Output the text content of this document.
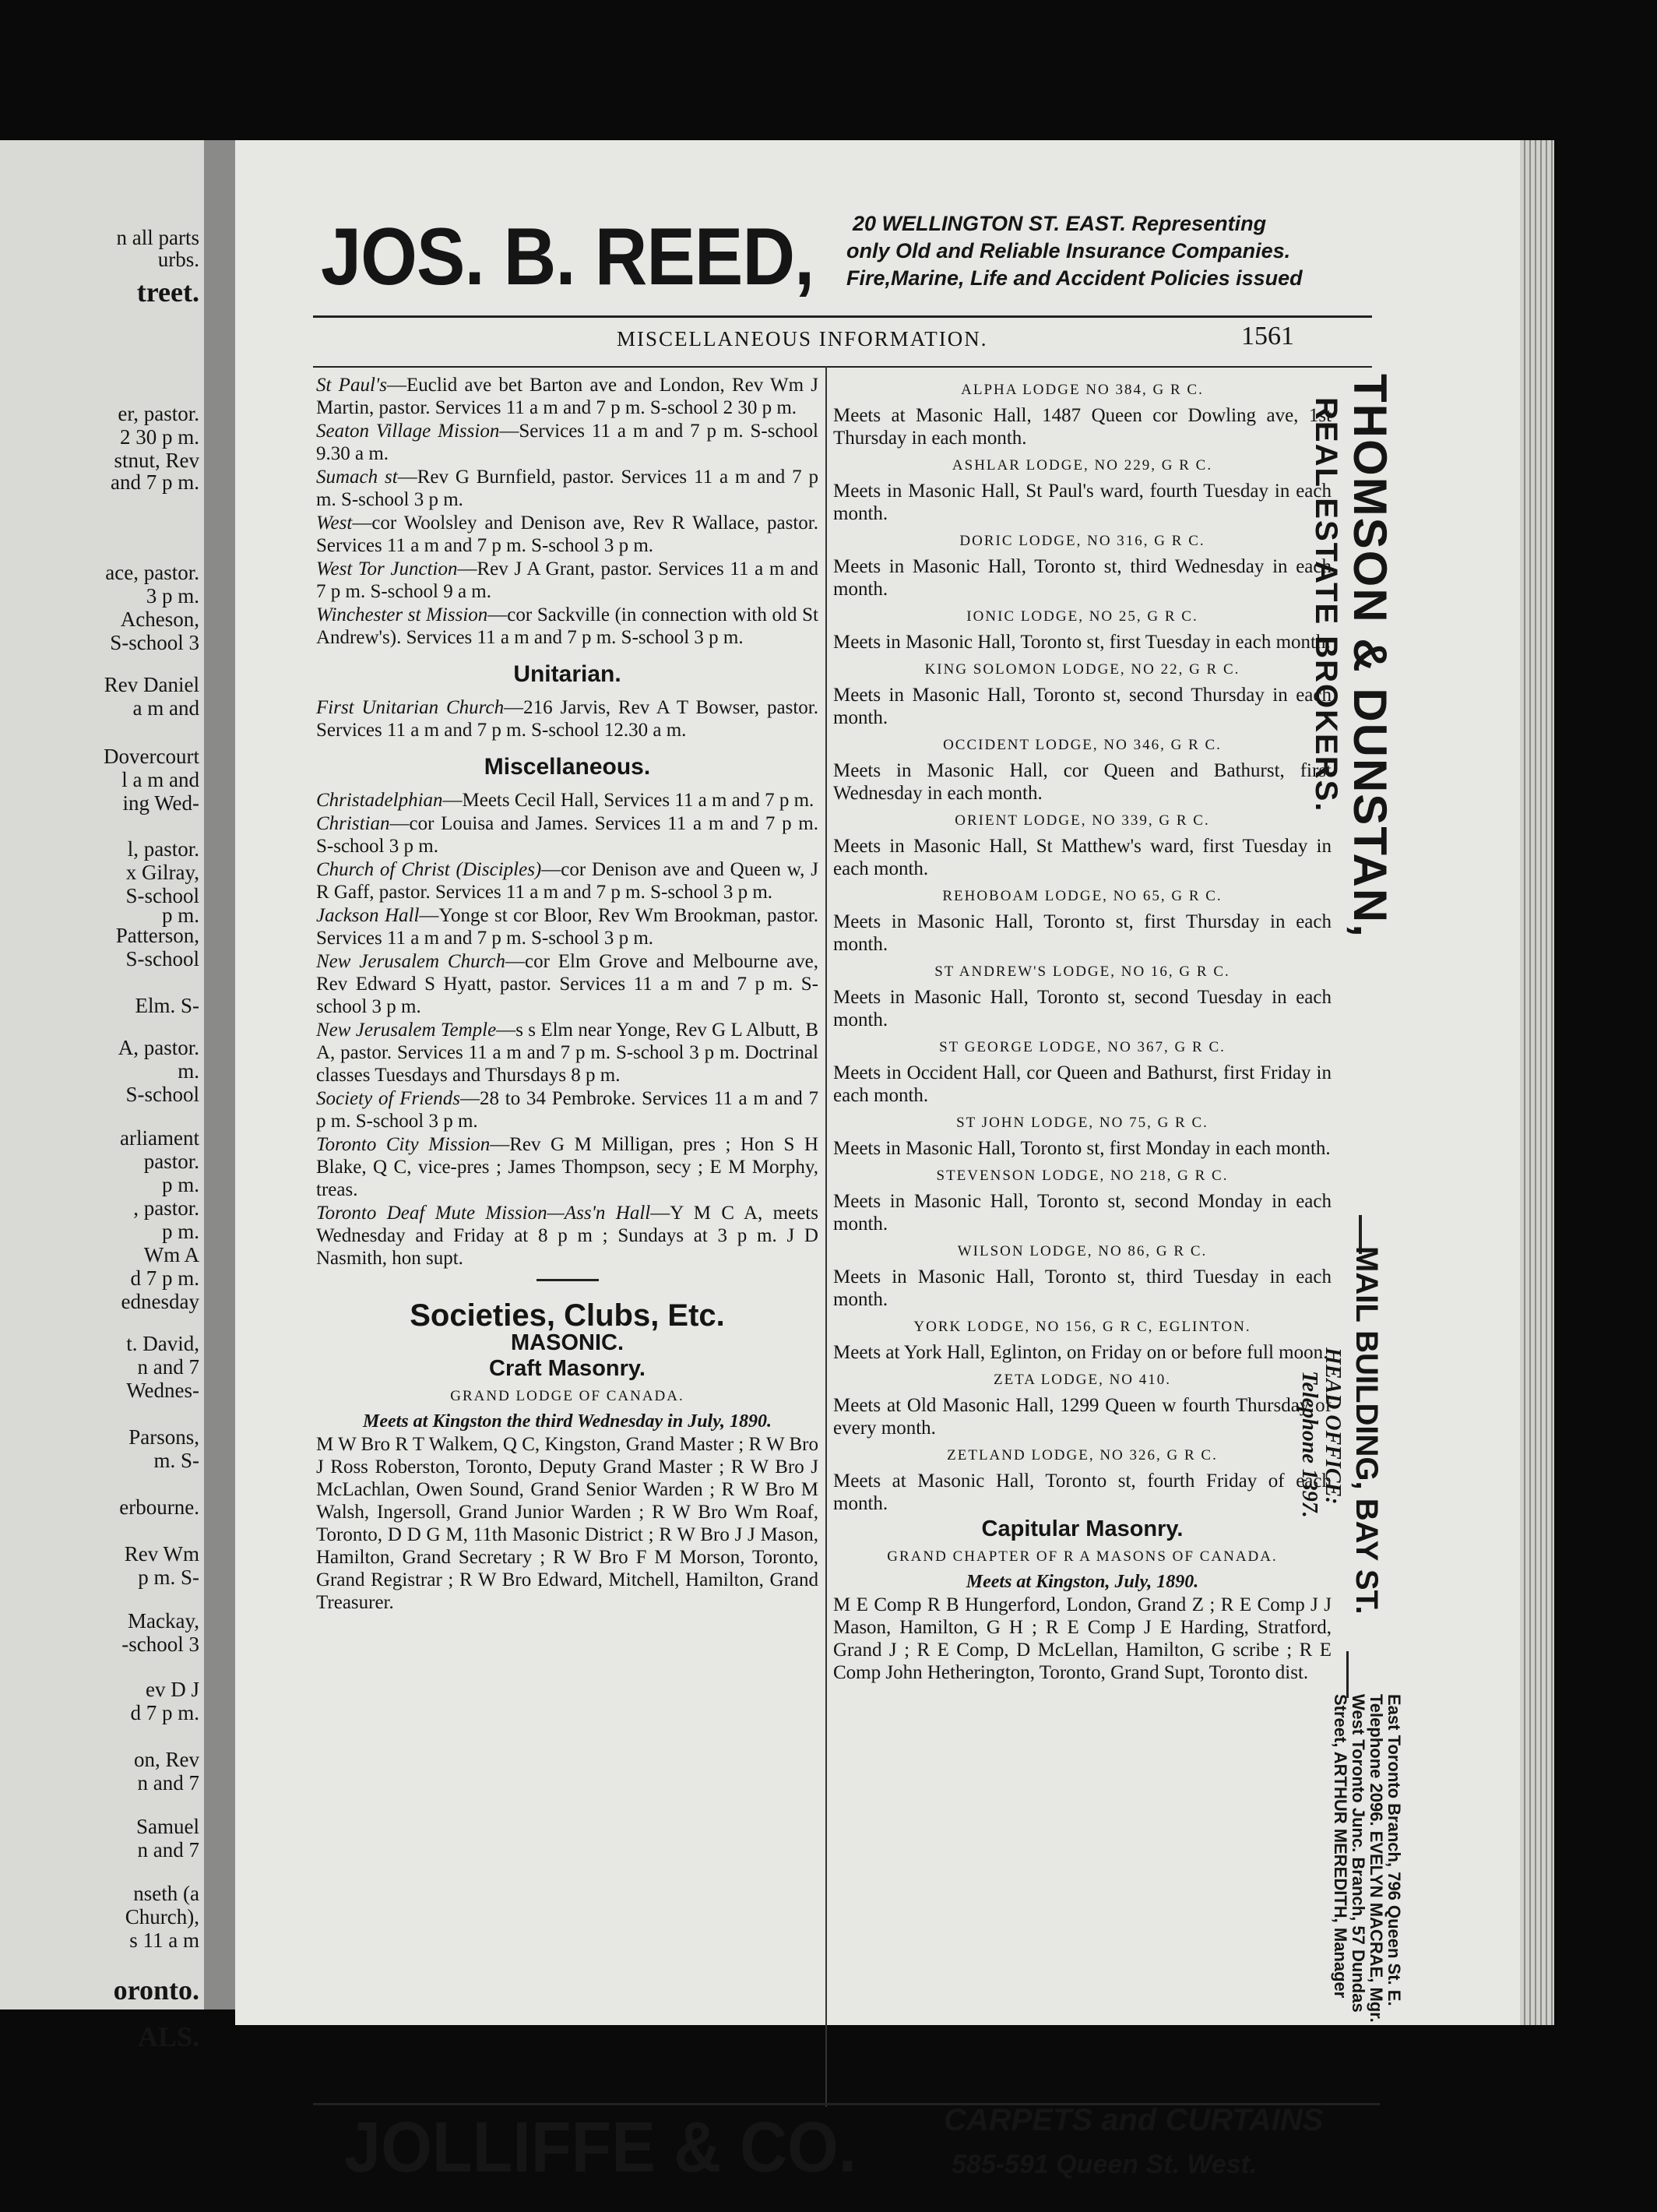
n all parts
urbs.
treet.
er, pastor.
2 30 p m.
stnut, Rev
and 7 p m.
ace, pastor.
3 p m.
Acheson,
S-school 3
Rev Daniel
a m and
Dovercourt
l a m and
ing Wed-
l, pastor.
x Gilray,
S-school
p m.
Patterson,
S-school
Elm. S-
A, pastor.
m.
S-school
arliament
pastor.
p m.
, pastor.
p m.
Wm A
d 7 p m.
ednesday
t. David,
n and 7
Wednes-
Parsons,
m. S-
erbourne.
Rev Wm
p m. S-
Mackay,
-school 3
ev D J
d 7 p m.
on, Rev
n and 7
Samuel
n and 7
nseth (a
Church),
s 11 a m
oronto.
ALS.
JOS. B. REED, 20 WELLINGTON ST. EAST. Representing
only Old and Reliable Insurance Companies.
Fire,Marine, Life and Accident Policies issued
MISCELLANEOUS INFORMATION.	1561

St Paul's—Euclid ave bet Barton ave and London, Rev Wm J Martin, pastor. Services 11 a m and 7 p m. S-school 2 30 p m.

Seaton Village Mission—Services 11 a m and 7 p m. S-school 9.30 a m.

Sumach st—Rev G Burnfield, pastor. Services 11 a m and 7 p m. S-school 3 p m.

West—cor Woolsley and Denison ave, Rev R Wallace, pastor. Services 11 a m and 7 p m. S-school 3 p m.

West Tor Junction—Rev J A Grant, pastor. Services 11 a m and 7 p m. S-school 9 a m.

Winchester st Mission—cor Sackville (in connection with old St Andrew's). Services 11 a m and 7 p m. S-school 3 p m.

Unitarian.

First Unitarian Church—216 Jarvis, Rev A T Bowser, pastor. Services 11 a m and 7 p m. S-school 12.30 a m.

Miscellaneous.

Christadelphian—Meets Cecil Hall, Services 11 a m and 7 p m.

Christian—cor Louisa and James. Services 11 a m and 7 p m. S-school 3 p m.

Church of Christ (Disciples)—cor Denison ave and Queen w, J R Gaff, pastor. Services 11 a m and 7 p m. S-school 3 p m.

Jackson Hall—Yonge st cor Bloor, Rev Wm Brookman, pastor. Services 11 a m and 7 p m. S-school 3 p m.

New Jerusalem Church—cor Elm Grove and Melbourne ave, Rev Edward S Hyatt, pastor. Services 11 a m and 7 p m. S-school 3 p m.

New Jerusalem Temple—s s Elm near Yonge, Rev G L Albutt, B A, pastor. Services 11 a m and 7 p m. S-school 3 p m. Doctrinal classes Tuesdays and Thursdays 8 p m.

Society of Friends—28 to 34 Pembroke. Services 11 a m and 7 p m. S-school 3 p m.

Toronto City Mission—Rev G M Milligan, pres ; Hon S H Blake, Q C, vice-pres ; James Thompson, secy ; E M Morphy, treas.

Toronto Deaf Mute Mission—Ass'n Hall—Y M C A, meets Wednesday and Friday at 8 p m ; Sundays at 3 p m. J D Nasmith, hon supt.

Societies, Clubs, Etc.
MASONIC.
Craft Masonry.
GRAND LODGE OF CANADA.
Meets at Kingston the third Wednesday in July, 1890.

M W Bro R T Walkem, Q C, Kingston, Grand Master ; R W Bro J Ross Roberston, Toronto, Deputy Grand Master ; R W Bro J McLachlan, Owen Sound, Grand Senior Warden ; R W Bro M Walsh, Ingersoll, Grand Junior Warden ; R W Bro Wm Roaf, Toronto, D D G M, 11th Masonic District ; R W Bro J J Mason, Hamilton, Grand Secretary ; R W Bro F M Morson, Toronto, Grand Registrar ; R W Bro Edward, Mitchell, Hamilton, Grand Treasurer.

ALPHA LODGE NO 384, G R C.

Meets at Masonic Hall, 1487 Queen cor Dowling ave, 1st Thursday in each month.

ASHLAR LODGE, NO 229, G R C.

Meets in Masonic Hall, St Paul's ward, fourth Tuesday in each month.

DORIC LODGE, NO 316, G R C.

Meets in Masonic Hall, Toronto st, third Wednesday in each month.

IONIC LODGE, NO 25, G R C.

Meets in Masonic Hall, Toronto st, first Tuesday in each month.

KING SOLOMON LODGE, NO 22, G R C.

Meets in Masonic Hall, Toronto st, second Thursday in each month.

OCCIDENT LODGE, NO 346, G R C.

Meets in Masonic Hall, cor Queen and Bathurst, first Wednesday in each month.

ORIENT LODGE, NO 339, G R C.

Meets in Masonic Hall, St Matthew's ward, first Tuesday in each month.

REHOBOAM LODGE, NO 65, G R C.

Meets in Masonic Hall, Toronto st, first Thursday in each month.

ST ANDREW'S LODGE, NO 16, G R C.

Meets in Masonic Hall, Toronto st, second Tuesday in each month.

ST GEORGE LODGE, NO 367, G R C.

Meets in Occident Hall, cor Queen and Bathurst, first Friday in each month.

ST JOHN LODGE, NO 75, G R C.

Meets in Masonic Hall, Toronto st, first Monday in each month.

STEVENSON LODGE, NO 218, G R C.

Meets in Masonic Hall, Toronto st, second Monday in each month.

WILSON LODGE, NO 86, G R C.

Meets in Masonic Hall, Toronto st, third Tuesday in each month.

YORK LODGE, NO 156, G R C, EGLINTON.

Meets at York Hall, Eglinton, on Friday on or before full moon.

ZETA LODGE, NO 410.

Meets at Old Masonic Hall, 1299 Queen w fourth Thursday of every month.

ZETLAND LODGE, NO 326, G R C.

Meets at Masonic Hall, Toronto st, fourth Friday of each month.

Capitular Masonry.
GRAND CHAPTER OF R A MASONS OF CANADA.
Meets at Kingston, July, 1890.

M E Comp R B Hungerford, London, Grand Z ; R E Comp J J Mason, Hamilton, G H ; R E Comp J E Harding, Stratford, Grand J ; R E Comp, D McLellan, Hamilton, G scribe ; R E Comp John Hetherington, Toronto, Grand Supt, Toronto dist.

THOMSON & DUNSTAN,
REAL ESTATE BROKERS.
MAIL BUILDING, BAY ST.
HEAD OFFICE:
Telephone 1397.
East Toronto Branch, 796 Queen St. E.
Telephone 2096. EVELYN MACRAE, Mgr.
West Toronto Junc. Branch, 57 Dundas
Street, ARTHUR MEREDITH, Manager
JOLLIFFE & CO.	CARPETS and CURTAINS
585-591 Queen St. West.
